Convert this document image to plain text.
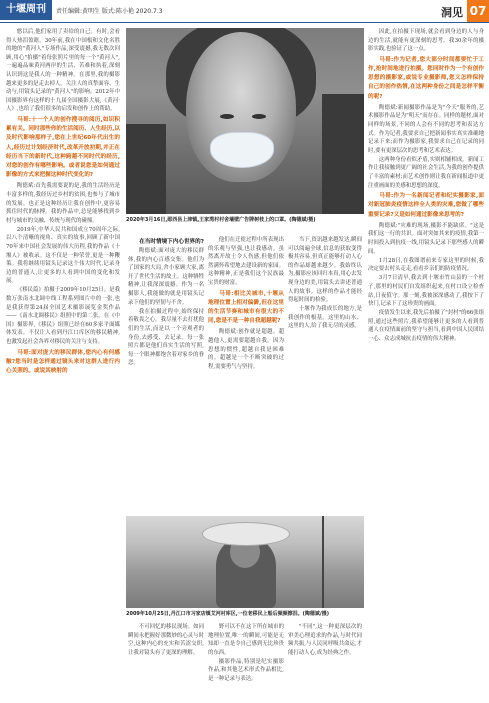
十堰周刊	责任编辑:黄明生 版式:陈小艳 2020.7.3	洞见 07

憨以后,他们家用了卖给的自己。有时,会看得人热泪盈眶。30年前,我在中国根和文化名胜的地的"黄河人"专场作品,深受震撼,我无数次回顾,用心"拍摄"着每张照片里的每一个"黄河人",一遍遍品味黄河两岸的生活、苦难和执着,深刻认识到这是我人的一种精神。在那里,我的摄影越来更多的是走去掉人。关注人的真挚面容、生动与,用镜头记录的"黄河人"的影响。2012年中国摄影界有这样的十九届全国摄影大展,《黄河·人》,也给了我们很多的启发和创作上的帮助。

马哥:十一个人的创作搜寻的阅历,如识积累有关。同时那些你的生活阅历、人生经历,以及时代影响那样子,您在上世纪60年代出生的人,经历过计划经济时代,改革开放初期,并正在经历当下的新时代,这种跨越不同时代的经历,对您的创作有哪些影响。或者说您是如何通过影像的方式来把握这种时代变化的?

陶德斌:首先我需要说的是,我的生活经历是丰富多样的,我经历过乡村的贫困,也参与了城市的发展。也正是这种经历让我在创作中,更容易抓住时代的脉搏。我的作品中,总是能够找到乡村与城市的交融、传统与现代的碰撞。

2019年,中华人民共和国成立70周年之际,以八个清晰的视角、真实的故事,回顾了新中国70年来中国社会发展的伟大历程,我的作品《十堰人》被收录。这不仅是一种荣誉,更是一种鞭策。我将继续用镜头记录这个伟大时代,记录身边的普通人,让更多的人看到中国的变化和发展。

《移民篇》拍摄于2009年10月25日。是我数万张南水北调中线工程系列图片中的一张,也是我获得第24届全国艺术摄影展览金奖作品——《南水北调移民》组照中的第二张。在《中国》摄影界,《移民》组照已经在60多家平面媒体发表。不仅让人看到丹江口库区的移民精神,也激发起社会各界对移民的关注与支持。

马哥:面对庞大的移民群体,您内心有何感触?您当时是怎样通过镜头来对这群人进行内心关照的。或说其映射的

2020年3月16日,郧西县上津镇,王家湾村村舍墙壁广告牌树枝上的口罩。(陶德斌/摄)

在当时情境下内心世界的?

陶德斌:面对庞大的移民群体,我的内心百感交集。他们为了国家的大局,舍小家顾大家,离开了世代生活的故土。这种牺牲精神,让我深深震撼。作为一名摄影人,我能做的就是用镜头记录下他们的坚韧与不舍。

我在拍摄过程中,始终保持着敬畏之心。我尽量不去打扰他们的生活,而是以一个旁观者的身份,去感受、去记录。每一张照片都是他们真实生活的写照,每一个眼神都饱含着对家乡的眷恋。

他们在迁徙过程中所表现出的乐观与坚强,也让我感动。虽然离开故土令人伤感,但他们依然满怀希望地去建设新的家园。这种精神,正是我们这个民族最宝贵的财富。

马哥:相比关城市,十堰从地理位置上相对偏僻,但在这里的生活节奏和城市有很大的不同,您是不是一种自我超越呢?

陶德斌:创作就是超越。超越他人,更需要超越自我。因为思想的惯性,超越自我是困难的。超越是一个不断突破的过程,需要勇气与坚持。

当下,资讯越来越发达,瞬间可以阅遍全球,信息的获取变得极其容易,但真正能够打动人心的作品却越来越少。我始终认为,摄影应该回归本真,用心去发现身边的美,用镜头去讲述普通人的故事。这样的作品才能经得起时间的检验。

十堰作为我成长的地方,是我创作的根基。这里的山水、这里的人,给了我无尽的灵感。

2009年10月25日,丹江口市习家店镇艾河村库区,一位老移民上船后频频擦泪。(陶德斌/摄)

不可回忆的移民现场。如同瞬间永把握好那微妙的心灵与时空,这种内心的充实和苦涩交织,让我对镜头有了更深的理解。

野可以不在这下所在城市的地理位置,唯一的瞬间,可能是无知却一直是令自己感到无比珍贵的东西。

摄影作品,特别是纪实摄影作品,和其他艺术形式作品相比,是一种记录与表达。

"不同",这一种更深层次的审美心理追求的作品,与时代同频共振,与人民同呼吸共命运,才能打动人心,成为经典之作。

因此,在拍摄下现场,就会看到身边的人与身边的生活,就能有更深刻的思考。我30余年的摄影实践,也验证了这一点。

马哥:作为记者,您大部分时间都要忙于工作,抢时间地进行拍摄。您同时作为一个有创作思想的摄影家,或说专业摄影师,您又怎样保持自己的创作热情,在这两种身份之间是怎样平衡的呢?

陶德斌:新闻摄影作品是为"今天"服务的,艺术摄影作品是为"明天"而存在。同样的题材,面对同样的场景,不同的人会有不同的思考和表达方式。作为记者,我要求自己把新闻事实真实准确地记录下来;而作为摄影家,我要求自己在记录的同时,要有更深层次的思考和艺术表达。

这两种身份看似矛盾,实则相辅相成。新闻工作让我接触到更广阔的社会生活,为我的创作提供了丰富的素材;而艺术创作则让我在新闻报道中更注重画面的美感和思想的深度。

马哥:作为一名新闻记者和纪实摄影家,面对新冠肺炎疫情这样全人类的灾难,您做了哪些重要记录?又是如何通过影像来思考的?

陶德斌:"灾难的现场,摄影不能缺席。"这是我们这一行的共识。面对突如其来的疫情,我第一时间投入到抗疫一线,用镜头记录下那些感人的瞬间。

1月28日,在我图谱前来专家这里的时候,我决定要去村头走走,看看乡亲们的防疫情况。

3月7日清早,我去到十堰市竹山县的一个村子,那里的村民们自发组织起来,在村口设立检查站,日夜值守。那一刻,我被深深感动了,我按下了快门,记录下了这珍贵的画面。

疫情发生以来,我先后拍摄了"封村"的66张组照,通过这些照片,我希望能够让更多的人看到普通人在疫情面前的坚守与担当,看到中国人民团结一心、众志成城抗击疫情的伟大精神。
